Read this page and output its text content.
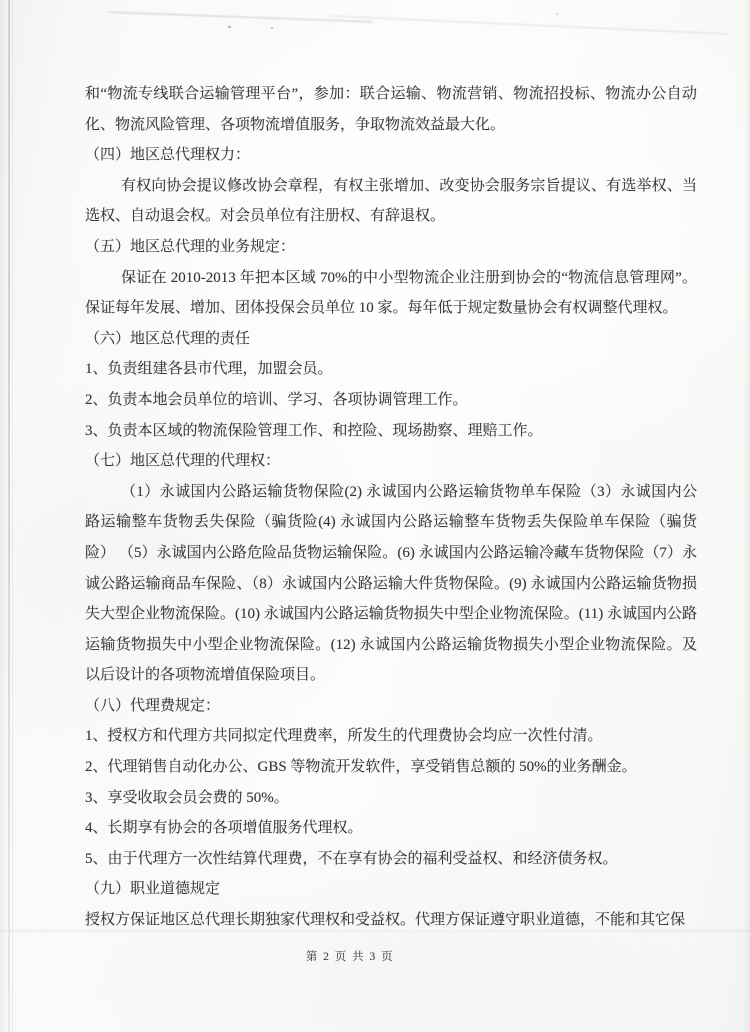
和“物流专线联合运输管理平台”，参加：联合运输、物流营销、物流招投标、物流办公自动化、物流风险管理、各项物流增值服务，争取物流效益最大化。

（四）地区总代理权力：

有权向协会提议修改协会章程，有权主张增加、改变协会服务宗旨提议、有选举权、当选权、自动退会权。对会员单位有注册权、有辞退权。

（五）地区总代理的业务规定：

保证在 2010-2013 年把本区域 70%的中小型物流企业注册到协会的“物流信息管理网”。保证每年发展、增加、团体投保会员单位 10 家。每年低于规定数量协会有权调整代理权。

（六）地区总代理的责任

1、负责组建各县市代理，加盟会员。

2、负责本地会员单位的培训、学习、各项协调管理工作。

3、负责本区域的物流保险管理工作、和控险、现场勘察、理赔工作。

（七）地区总代理的代理权：

（1）永诚国内公路运输货物保险(2) 永诚国内公路运输货物单车保险（3）永诚国内公路运输整车货物丢失保险（骗货险(4) 永诚国内公路运输整车货物丢失保险单车保险（骗货险） （5）永诚国内公路危险品货物运输保险。(6) 永诚国内公路运输冷藏车货物保险（7）永诚公路运输商品车保险、（8）永诚国内公路运输大件货物保险。(9) 永诚国内公路运输货物损失大型企业物流保险。(10) 永诚国内公路运输货物损失中型企业物流保险。(11) 永诚国内公路运输货物损失中小型企业物流保险。(12) 永诚国内公路运输货物损失小型企业物流保险。及以后设计的各项物流增值保险项目。

（八）代理费规定：

1、授权方和代理方共同拟定代理费率，所发生的代理费协会均应一次性付清。

2、代理销售自动化办公、GBS 等物流开发软件，享受销售总额的 50%的业务酬金。

3、享受收取会员会费的 50%。

4、长期享有协会的各项增值服务代理权。

5、由于代理方一次性结算代理费，不在享有协会的福利受益权、和经济债务权。

（九）职业道德规定

授权方保证地区总代理长期独家代理权和受益权。代理方保证遵守职业道德，不能和其它保

第 2 页 共 3 页
